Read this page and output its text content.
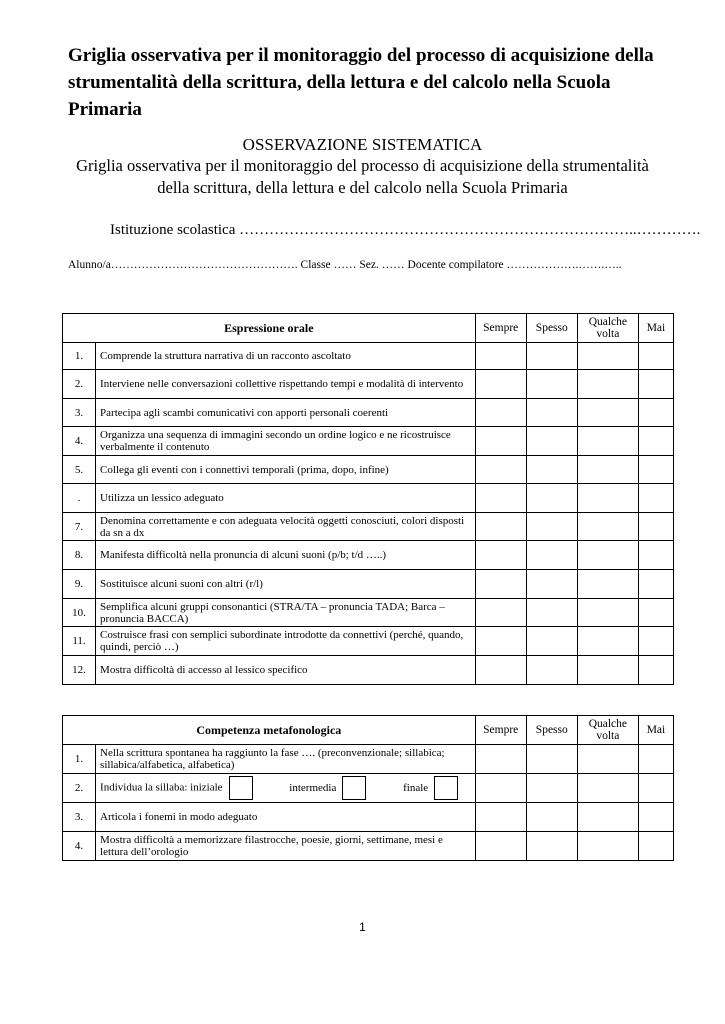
Griglia osservativa per il monitoraggio del processo di acquisizione della strumentalità della scrittura, della lettura e del calcolo nella Scuola Primaria
OSSERVAZIONE SISTEMATICA
Griglia osservativa per il monitoraggio del processo di acquisizione della strumentalità della scrittura, della lettura e del calcolo nella Scuola Primaria
Istituzione scolastica ……………………………………………………………………..………….
Alunno/a…………………………………………. Classe …… Sez. …… Docente compilatore ……………….…….…..
Espressione orale		Sempre	Spesso	Qualche volta	Mai
1.	Comprende la struttura narrativa di un racconto ascoltato				
2.	Interviene nelle conversazioni collettive rispettando tempi e modalità di intervento				
3.	Partecipa agli scambi comunicativi con apporti personali coerenti				
4.	Organizza una sequenza di immagini secondo un ordine logico e ne ricostruisce verbalmente il contenuto				
5.	Collega gli eventi con i connettivi temporali (prima, dopo, infine)				
.	Utilizza un lessico adeguato				
7.	Denomina correttamente e con adeguata velocità oggetti conosciuti, colori disposti da sn a dx				
8.	Manifesta difficoltà nella pronuncia di alcuni suoni (p/b; t/d …..)				
9.	Sostituisce alcuni suoni con altri (r/l)				
10.	Semplifica alcuni gruppi consonantici (STRA/TA – pronuncia TADA; Barca – pronuncia BACCA)				
11.	Costruisce frasi con semplici subordinate introdotte da connettivi (perché, quando, quindi, perciò …)				
12.	Mostra difficoltà di accesso al lessico specifico				
Competenza metafonologica		Sempre	Spesso	Qualche volta	Mai
1.	Nella scrittura spontanea ha raggiunto la fase …. (preconvenzionale; sillabica; sillabica/alfabetica, alfabetica)				
2.	Individua la sillaba: iniziale intermedia finale				
3.	Articola i fonemi in modo adeguato				
4.	Mostra difficoltà a memorizzare filastrocche, poesie, giorni, settimane, mesi e lettura dell’orologio				
1
